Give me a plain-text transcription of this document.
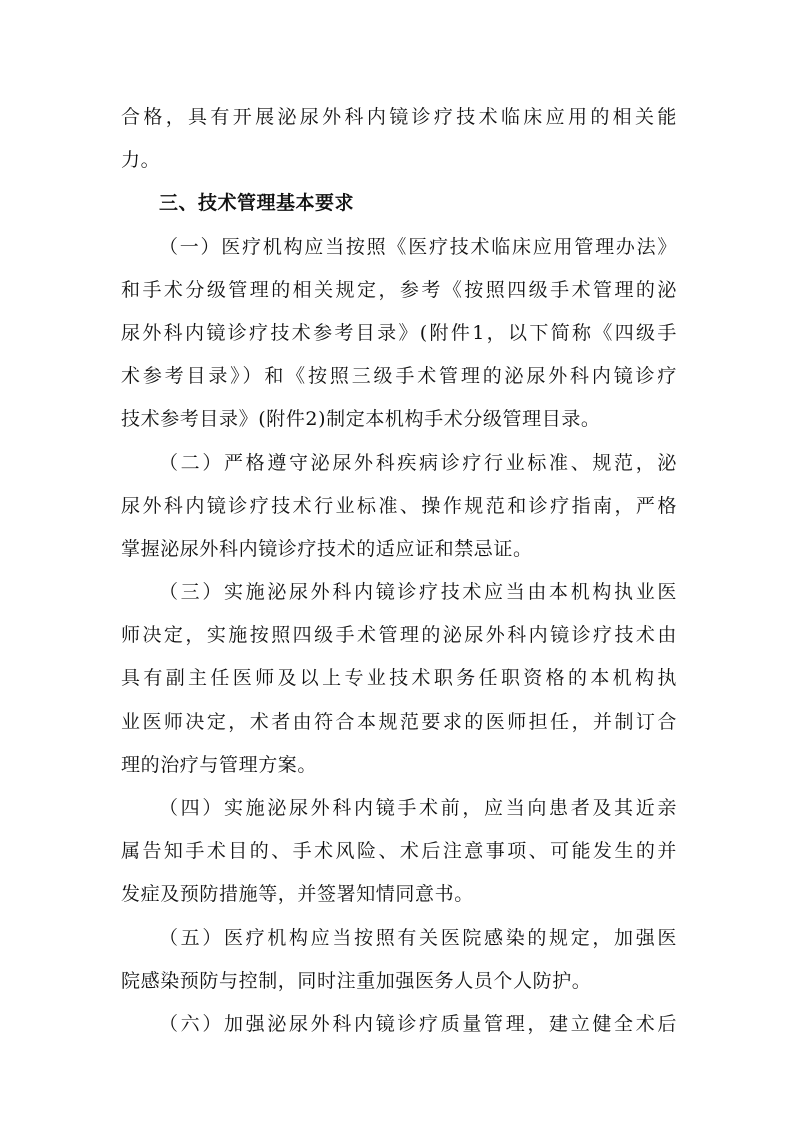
合格，具有开展泌尿外科内镜诊疗技术临床应用的相关能
力。
三、技术管理基本要求
（一）医疗机构应当按照《医疗技术临床应用管理办法》
和手术分级管理的相关规定，参考《按照四级手术管理的泌
尿外科内镜诊疗技术参考目录》(附件1，以下简称《四级手
术参考目录》）和《按照三级手术管理的泌尿外科内镜诊疗
技术参考目录》(附件2)制定本机构手术分级管理目录。
（二）严格遵守泌尿外科疾病诊疗行业标准、规范，泌
尿外科内镜诊疗技术行业标准、操作规范和诊疗指南，严格
掌握泌尿外科内镜诊疗技术的适应证和禁忌证。
（三）实施泌尿外科内镜诊疗技术应当由本机构执业医
师决定，实施按照四级手术管理的泌尿外科内镜诊疗技术由
具有副主任医师及以上专业技术职务任职资格的本机构执
业医师决定，术者由符合本规范要求的医师担任，并制订合
理的治疗与管理方案。
（四）实施泌尿外科内镜手术前，应当向患者及其近亲
属告知手术目的、手术风险、术后注意事项、可能发生的并
发症及预防措施等，并签署知情同意书。
（五）医疗机构应当按照有关医院感染的规定，加强医
院感染预防与控制，同时注重加强医务人员个人防护。
（六）加强泌尿外科内镜诊疗质量管理，建立健全术后
